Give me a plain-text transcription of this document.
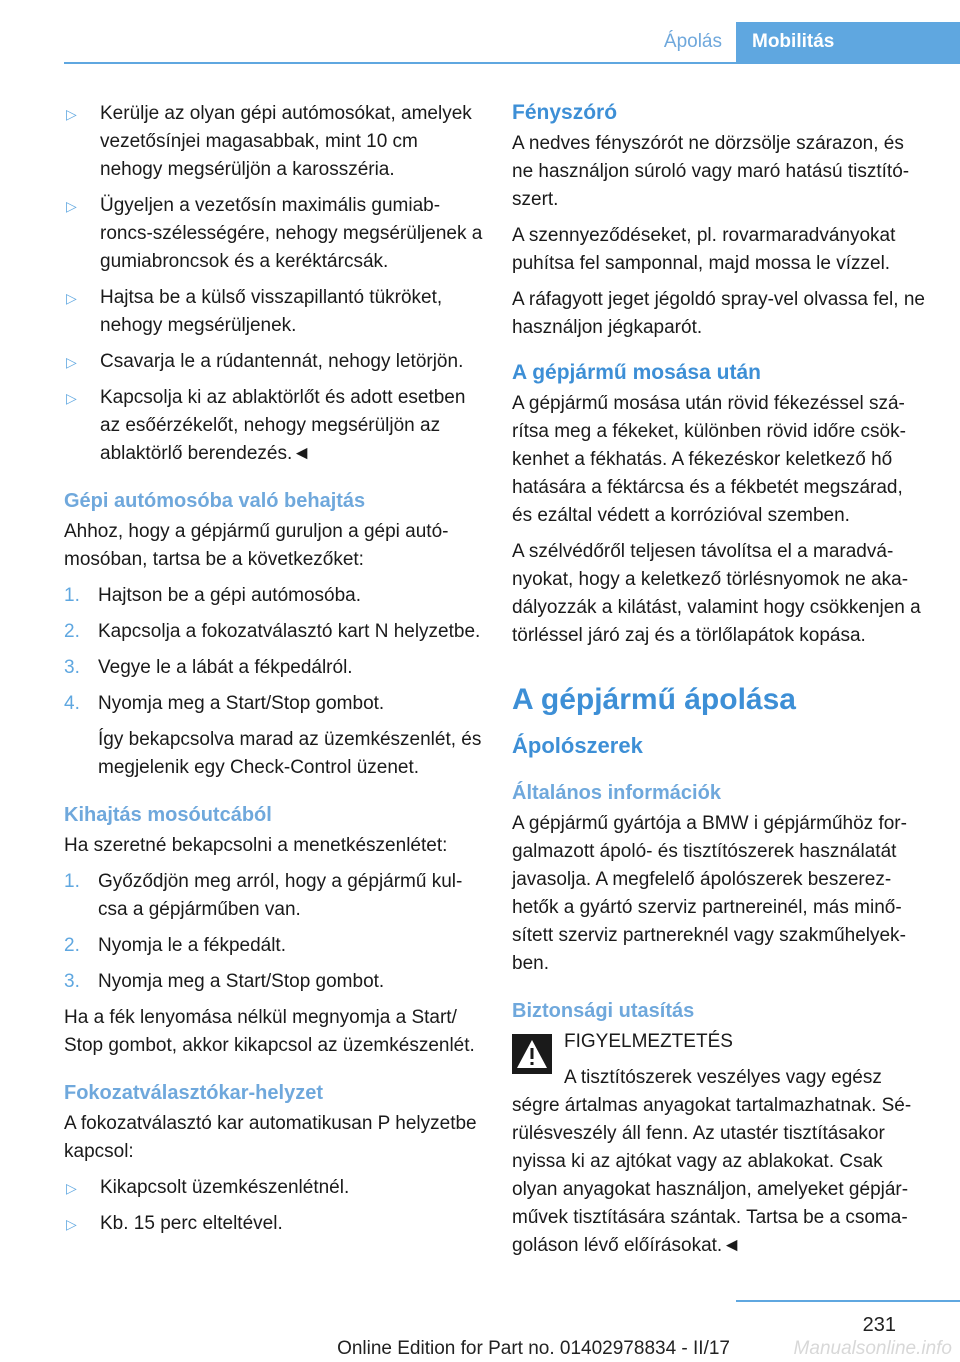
Ápolás	Mobilitás
▷	Kerülje az olyan gépi autómosókat, amelyek vezetősínjei magasabbak, mint 10 cm nehogy megsérüljön a karosszéria.
▷	Ügyeljen a vezetősín maximális gumiabroncs-szélességére, nehogy megsérüljenek a gumiabroncsok és a keréktárcsák.
▷	Hajtsa be a külső visszapillantó tükröket, nehogy megsérüljenek.
▷	Csavarja le a rúdantennát, nehogy letörjön.
▷	Kapcsolja ki az ablaktörlőt és adott esetben az esőérzékelőt, nehogy megsérüljön az ablaktörlő berendezés.◄
Gépi autómosóba való behajtás

Ahhoz, hogy a gépjármű guruljon a gépi autómosóban, tartsa be a következőket:

1. Hajtson be a gépi autómosóba.
2. Kapcsolja a fokozatválasztó kart N helyzetbe.
3. Vegye le a lábát a fékpedálról.
4. Nyomja meg a Start/Stop gombot.

Így bekapcsolva marad az üzemkészenlét, és megjelenik egy Check-Control üzenet.

Kihajtás mosóutcából

Ha szeretné bekapcsolni a menetkészenlétet:

1. Győződjön meg arról, hogy a gépjármű kulcsa a gépjárműben van.
2. Nyomja le a fékpedált.
3. Nyomja meg a Start/Stop gombot.

Ha a fék lenyomása nélkül megnyomja a Start/ Stop gombot, akkor kikapcsol az üzemkészenlét.

Fokozatválasztókar-helyzet

A fokozatválasztó kar automatikusan P helyzetbe kapcsol:

▷	Kikapcsolt üzemkészenlétnél.
▷	Kb. 15 perc elteltével.
Fényszóró

A nedves fényszórót ne dörzsölje szárazon, és ne használjon súroló vagy maró hatású tisztítószert.

A szennyeződéseket, pl. rovarmaradványokat puhítsa fel samponnal, majd mossa le vízzel.

A ráfagyott jeget jégoldó spray-vel olvassa fel, ne használjon jégkaparót.

A gépjármű mosása után

A gépjármű mosása után rövid fékezéssel szárítsa meg a fékeket, különben rövid időre csökkenhet a fékhatás. A fékezéskor keletkező hő hatására a féktárcsa és a fékbetét megszárad, és ezáltal védett a korrózióval szemben.

A szélvédőről teljesen távolítsa el a maradványokat, hogy a keletkező törlésnyomok ne akadályozzák a kilátást, valamint hogy csökkenjen a törléssel járó zaj és a törlőlapátok kopása.

A gépjármű ápolása
Ápolószerek
Általános információk

A gépjármű gyártója a BMW i gépjárműhöz forgalmazott ápoló- és tisztítószerek használatát javasolja. A megfelelő ápolószerek beszerezhetők a gyártó szerviz partnereinél, más minősített szerviz partnereknél vagy szakműhelyekben.

Biztonsági utasítás

FIGYELMEZTETÉS

A tisztítószerek veszélyes vagy egész

ségre ártalmas anyagokat tartalmazhatnak. Sérülésveszély áll fenn. Az utastér tisztításakor nyissa ki az ajtókat vagy az ablakokat. Csak olyan anyagokat használjon, amelyeket gépjárművek tisztítására szántak. Tartsa be a csomagoláson lévő előírásokat.◄

231
Online Edition for Part no. 01402978834 - II/17	Manualsonline.info
